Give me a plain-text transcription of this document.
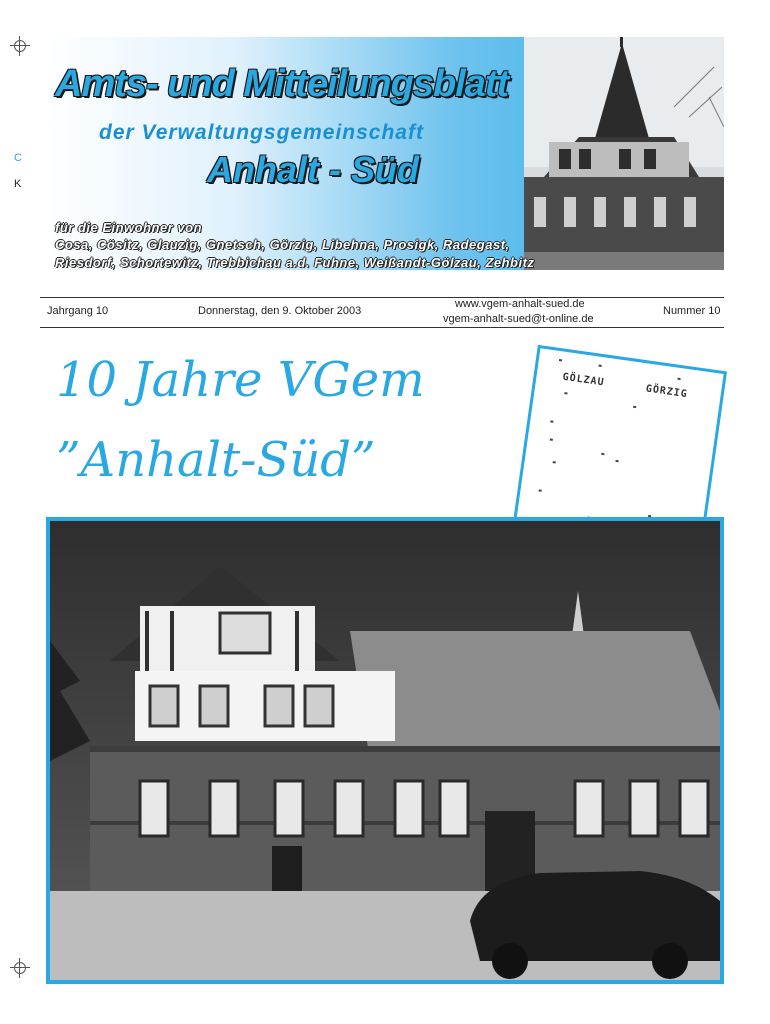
C
K
Amts- und Mitteilungsblatt
der Verwaltungsgemeinschaft
Anhalt - Süd
für die Einwohner von
Cosa, Cösitz, Glauzig, Gnetsch, Görzig, Libehna, Prosigk, Radegast,
Riesdorf, Schortewitz, Trebbichau a.d. Fuhne, Weißandt-Gölzau, Zehbitz
Jahrgang 10	Donnerstag, den 9. Oktober 2003
www.vgem-anhalt-sued.de
vgem-anhalt-sued@t-online.de
Nummer 10
10 Jahre VGem
”Anhalt-Süd”
GÖLZAU
GÖRZIG
